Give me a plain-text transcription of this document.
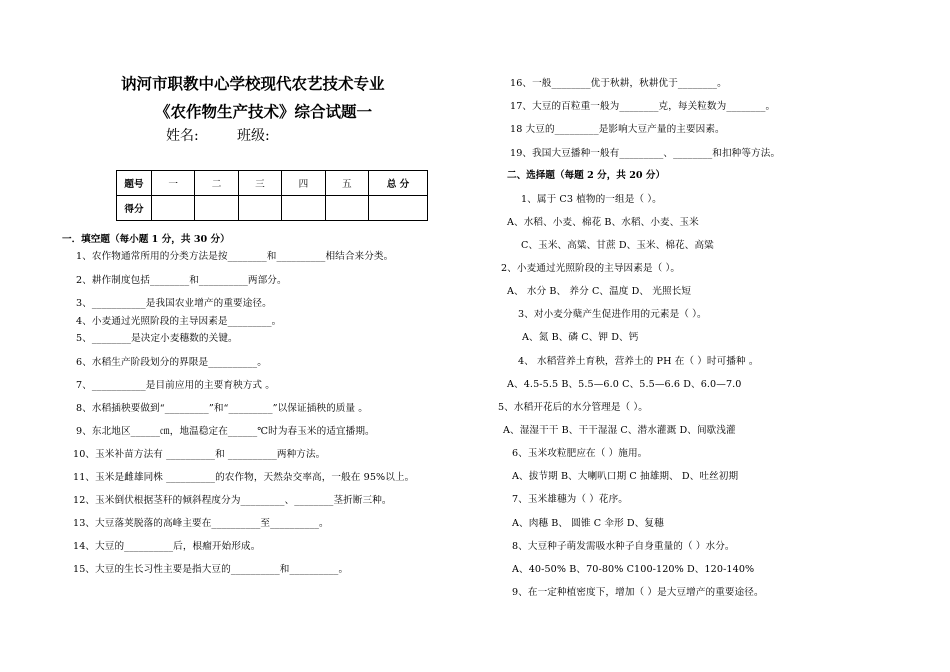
讷河市职教中心学校现代农艺技术专业
《农作物生产技术》综合试题一
姓名:	班级:
题号	一	二	三	四	五	总 分
得分						
一．填空题（每小题 1 分，共 30 分）
1、农作物通常所用的分类方法是按________和__________相结合来分类。
2、耕作制度包括________和__________两部分。
3、___________是我国农业增产的重要途径。
4、小麦通过光照阶段的主导因素是_________。
5、________是决定小麦穗数的关键。
6、水稻生产阶段划分的界限是__________。
7、___________是目前应用的主要育秧方式 。
8、水稻插秧要做到“_________”和“_________”以保证插秧的质量 。
9、东北地区______㎝，地温稳定在______℃时为春玉米的适宜播期。
10、玉米补苗方法有 __________和 __________两种方法。
11、玉米是雌雄同株 __________的农作物，天然杂交率高，一般在 95%以上。
12、玉米倒伏根据茎秆的倾斜程度分为_________、________茎折断三种。
13、大豆落荚脱落的高峰主要在__________至__________。
14、大豆的__________后，根瘤开始形成。
15、大豆的生长习性主要是指大豆的__________和__________。
16、一般________优于秋耕，秋耕优于________。
17、大豆的百粒重一般为________克，每关粒数为________。
18 大豆的_________是影响大豆产量的主要因素。
19、我国大豆播种一般有_________、________和扣种等方法。
二、选择题（每题 2 分，共 20 分）
1、属于 C3 植物的一组是（ ）。
A、水稻、小麦、棉花 B、水稻、小麦、玉米
C、玉米、高粱、甘蔗 D、玉米、棉花、高粱
2、小麦通过光照阶段的主导因素是（ ）。
A、 水分 B、 养分 C、温度 D、 光照长短
3、对小麦分蘖产生促进作用的元素是（ ）。
A、氮 B、磷 C、钾 D、钙
4、 水稻营养土育秧，营养土的 PH 在（ ）时可播种 。
A、4.5-5.5 B、5.5—6.0 C、5.5—6.6 D、6.0—7.0
5、水稻开花后的水分管理是（ ）。
A、湿湿干干 B、干干湿湿 C、潜水灌溉 D、间歇浅灌
6、玉米攻粒肥应在（ ）施用。
A、拔节期 B、大喇叭口期 C 抽雄期、 D、吐丝初期
7、玉米雄穗为（ ）花序。
A、肉穗 B、 圆锥 C 伞形 D、复穗
8、大豆种子萌发需吸水种子自身重量的（ ）水分。
A、40-50% B、70-80% C100-120% D、120-140%
9、在一定种植密度下，增加（ ）是大豆增产的重要途径。
